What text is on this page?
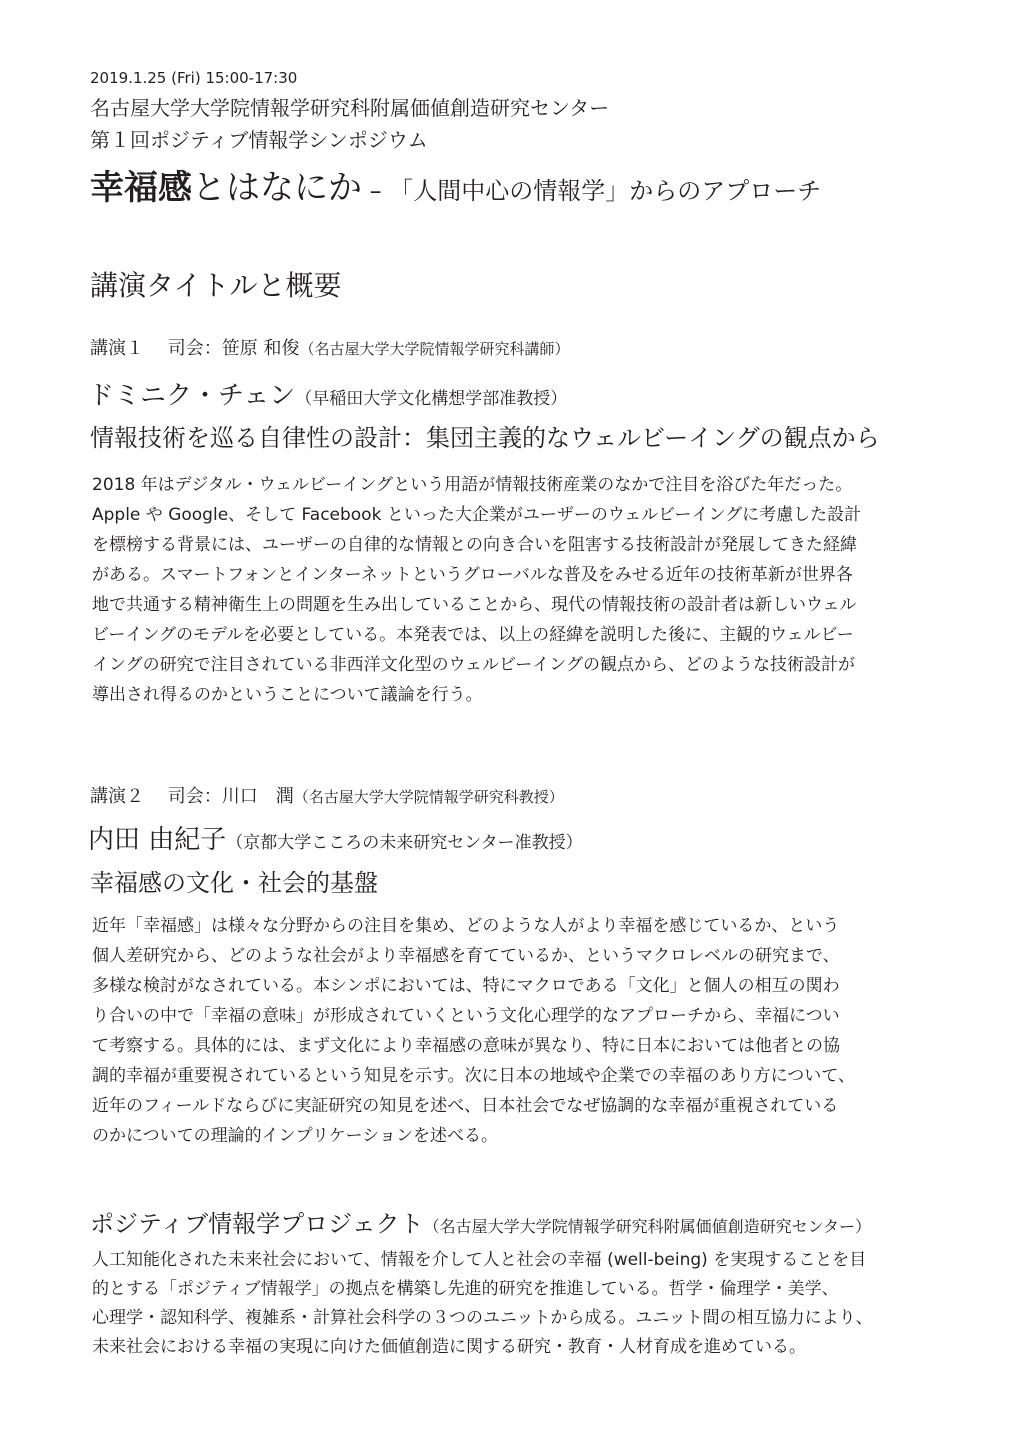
2019.1.25 (Fri) 15:00-17:30
名古屋大学大学院情報学研究科附属価値創造研究センター
第１回ポジティブ情報学シンポジウム
幸福感とはなにか – 「人間中心の情報学」からのアプローチ
講演タイトルと概要
講演１　 司会：笹原 和俊（名古屋大学大学院情報学研究科講師）
ドミニク・チェン（早稲田大学文化構想学部准教授）
情報技術を巡る自律性の設計：集団主義的なウェルビーイングの観点から
2018 年はデジタル・ウェルビーイングという用語が情報技術産業のなかで注目を浴びた年だった。
Apple や Google、そして Facebook といった大企業がユーザーのウェルビーイングに考慮した設計
を標榜する背景には、ユーザーの自律的な情報との向き合いを阻害する技術設計が発展してきた経緯
がある。スマートフォンとインターネットというグローバルな普及をみせる近年の技術革新が世界各
地で共通する精神衛生上の問題を生み出していることから、現代の情報技術の設計者は新しいウェル
ビーイングのモデルを必要としている。本発表では、以上の経緯を説明した後に、主観的ウェルビー
イングの研究で注目されている非西洋文化型のウェルビーイングの観点から、どのような技術設計が
導出され得るのかということについて議論を行う。
講演２　 司会：川口　潤（名古屋大学大学院情報学研究科教授）
内田 由紀子（京都大学こころの未来研究センター准教授）
幸福感の文化・社会的基盤
近年「幸福感」は様々な分野からの注目を集め、どのような人がより幸福を感じているか、という
個人差研究から、どのような社会がより幸福感を育てているか、というマクロレベルの研究まで、
多様な検討がなされている。本シンポにおいては、特にマクロである「文化」と個人の相互の関わ
り合いの中で「幸福の意味」が形成されていくという文化心理学的なアプローチから、幸福につい
て考察する。具体的には、まず文化により幸福感の意味が異なり、特に日本においては他者との協
調的幸福が重要視されているという知見を示す。次に日本の地域や企業での幸福のあり方について、
近年のフィールドならびに実証研究の知見を述べ、日本社会でなぜ協調的な幸福が重視されている
のかについての理論的インプリケーションを述べる。
ポジティブ情報学プロジェクト（名古屋大学大学院情報学研究科附属価値創造研究センター）
人工知能化された未来社会において、情報を介して人と社会の幸福 (well-being) を実現することを目
的とする「ポジティブ情報学」の拠点を構築し先進的研究を推進している。哲学・倫理学・美学、
心理学・認知科学、複雑系・計算社会科学の３つのユニットから成る。ユニット間の相互協力により、
未来社会における幸福の実現に向けた価値創造に関する研究・教育・人材育成を進めている。
